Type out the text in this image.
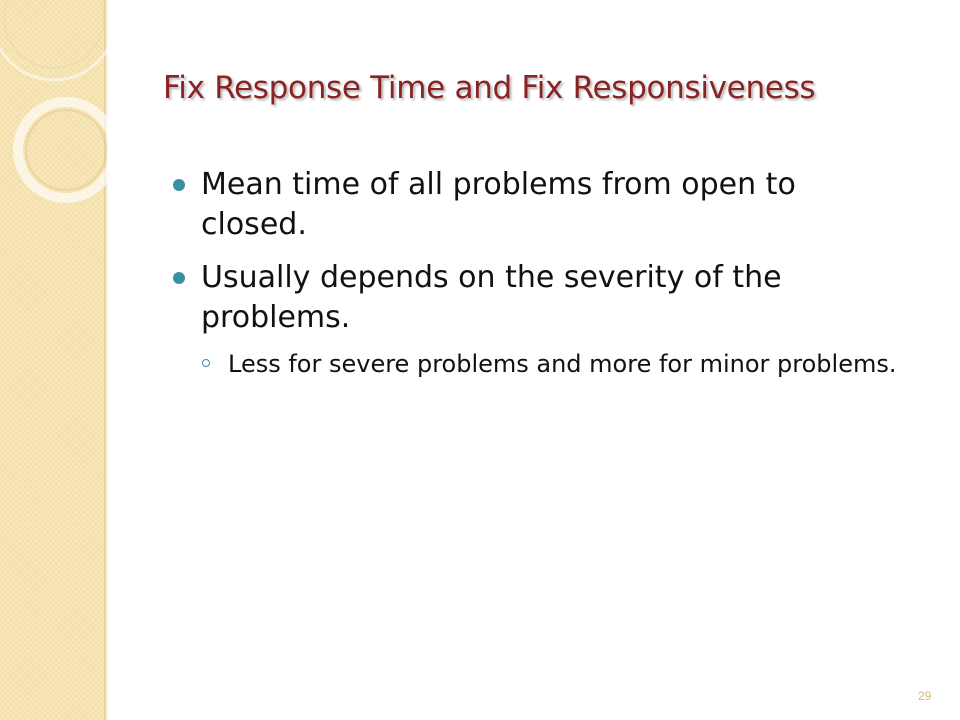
Fix Response Time and Fix Responsiveness
Mean time of all problems from open to closed.
Usually depends on the severity of the problems.
Less for severe problems and more for minor problems.
29
